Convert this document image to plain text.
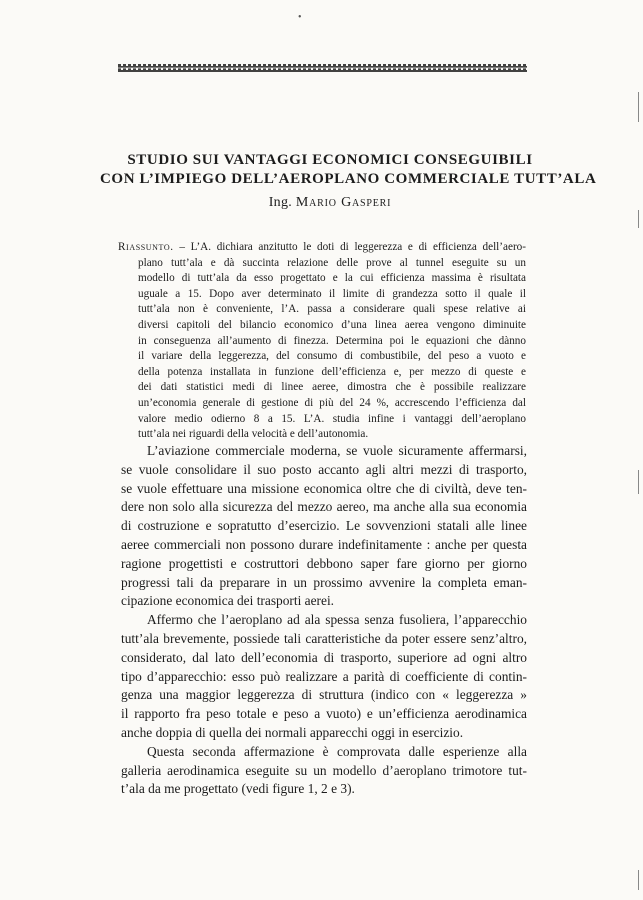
•
STUDIO SUI VANTAGGI ECONOMICI CONSEGUIBILI
CON L’IMPIEGO DELL’AEROPLANO COMMERCIALE TUTT’ALA

Ing. Mario Gasperi

Riassunto. – L’A. dichiara anzitutto le doti di leggerezza e di efficienza dell’aero-
plano tutt’ala e dà succinta relazione delle prove al tunnel eseguite su un
modello di tutt’ala da esso progettato e la cui efficienza massima è risultata
uguale a 15. Dopo aver determinato il limite di grandezza sotto il quale il
tutt’ala non è conveniente, l’A. passa a considerare quali spese relative ai
diversi capitoli del bilancio economico d’una linea aerea vengono diminuite
in conseguenza all’aumento di finezza. Determina poi le equazioni che dànno
il variare della leggerezza, del consumo di combustibile, del peso a vuoto e
della potenza installata in funzione dell’efficienza e, per mezzo di queste e
dei dati statistici medi di linee aeree, dimostra che è possibile realizzare
un’economia generale di gestione di più del 24 %, accrescendo l’efficienza dal
valore medio odierno 8 a 15. L’A. studia infine i vantaggi dell’aeroplano
tutt’ala nei riguardi della velocità e dell’autonomia.
L’aviazione commerciale moderna, se vuole sicuramente affermarsi,
se vuole consolidare il suo posto accanto agli altri mezzi di trasporto,
se vuole effettuare una missione economica oltre che di civiltà, deve ten-
dere non solo alla sicurezza del mezzo aereo, ma anche alla sua economia
di costruzione e sopratutto d’esercizio. Le sovvenzioni statali alle linee
aeree commerciali non possono durare indefinitamente : anche per questa
ragione progettisti e costruttori debbono saper fare giorno per giorno
progressi tali da preparare in un prossimo avvenire la completa eman-
cipazione economica dei trasporti aerei.
Affermo che l’aeroplano ad ala spessa senza fusoliera, l’apparecchio
tutt’ala brevemente, possiede tali caratteristiche da poter essere senz’altro,
considerato, dal lato dell’economia di trasporto, superiore ad ogni altro
tipo d’apparecchio: esso può realizzare a parità di coefficiente di contin-
genza una maggior leggerezza di struttura (indico con « leggerezza »
il rapporto fra peso totale e peso a vuoto) e un’efficienza aerodinamica
anche doppia di quella dei normali apparecchi oggi in esercizio.
Questa seconda affermazione è comprovata dalle esperienze alla
galleria aerodinamica eseguite su un modello d’aeroplano trimotore tut-
t’ala da me progettato (vedi figure 1, 2 e 3).
